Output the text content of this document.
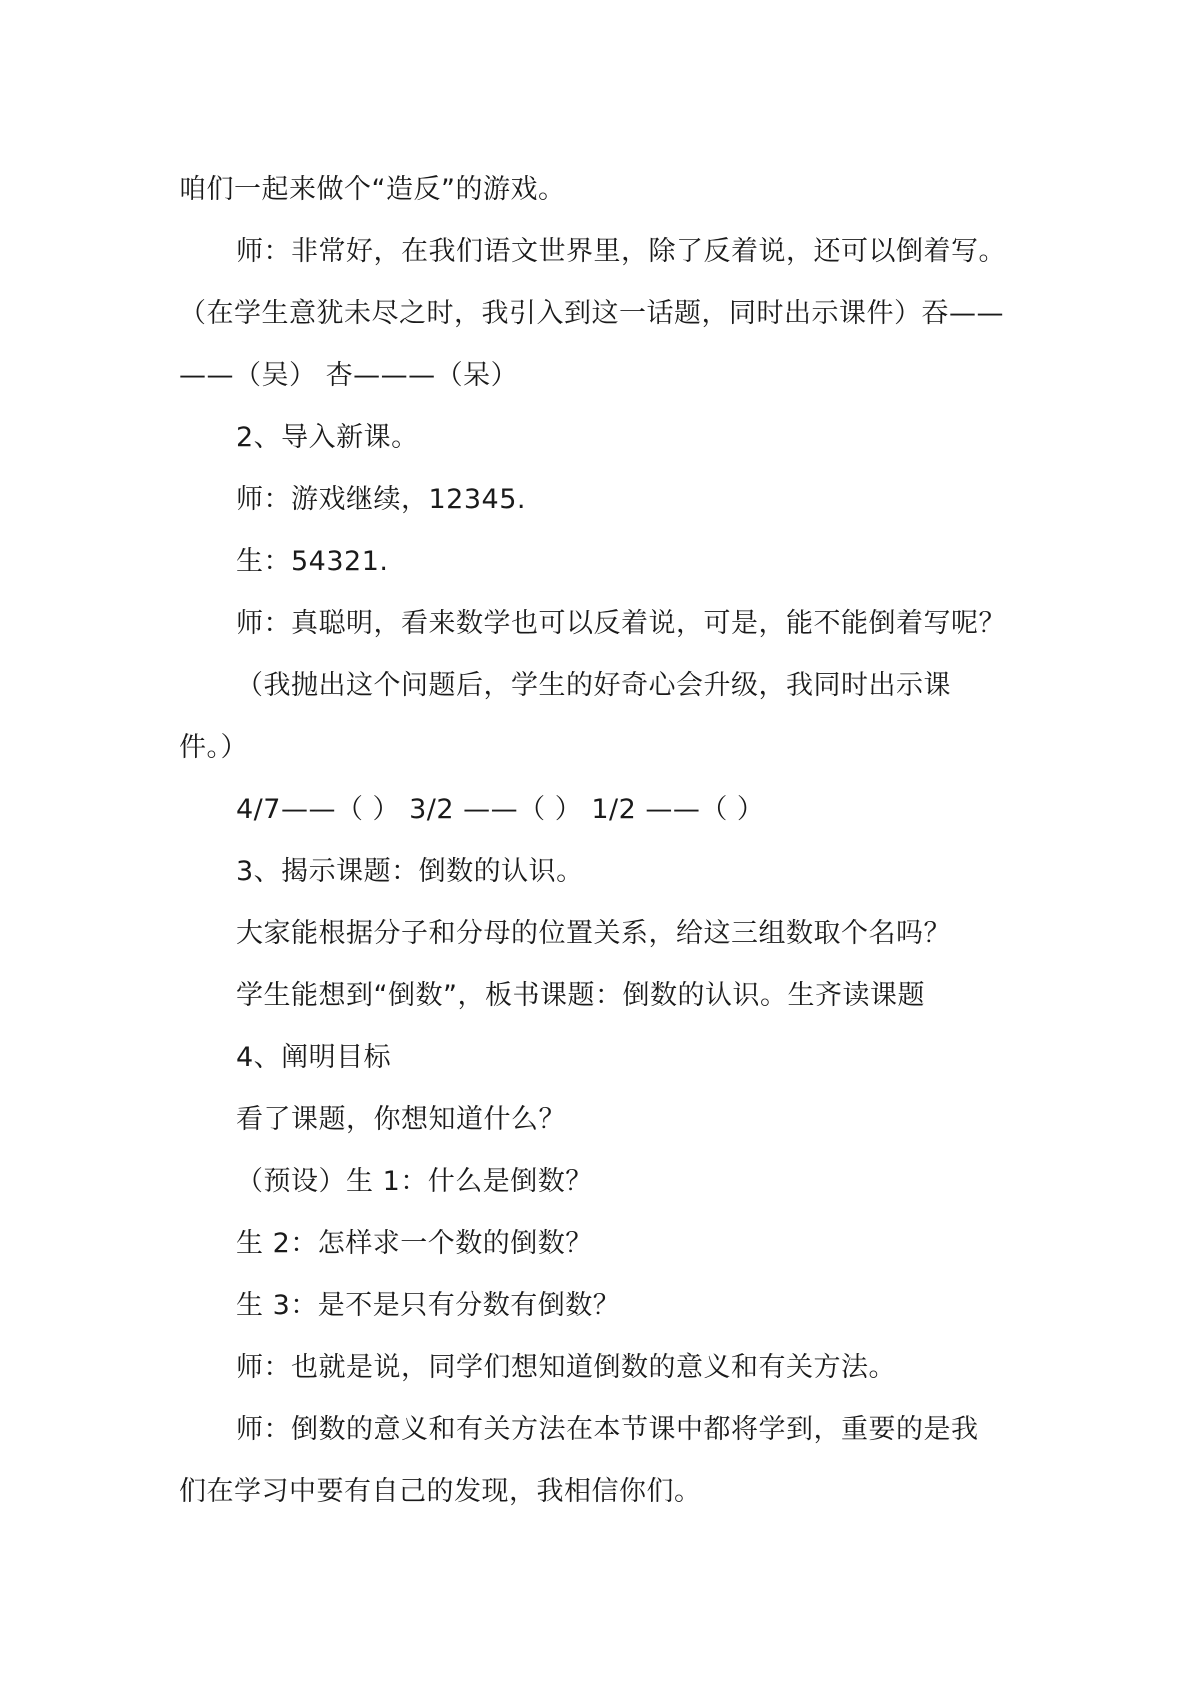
咱们一起来做个“造反”的游戏。
师：非常好，在我们语文世界里，除了反着说，还可以倒着写。
（在学生意犹未尽之时，我引入到这一话题，同时出示课件）吞——
——（吴） 杏———（呆）
2、导入新课。
师：游戏继续，12345.
生：54321.
师：真聪明，看来数学也可以反着说，可是，能不能倒着写呢？
（我抛出这个问题后，学生的好奇心会升级，我同时出示课
件。）
4/7——（ ） 3/2 ——（ ） 1/2 ——（ ）
3、揭示课题：倒数的认识。
大家能根据分子和分母的位置关系，给这三组数取个名吗？
学生能想到“倒数”，板书课题：倒数的认识。生齐读课题
4、阐明目标
看了课题，你想知道什么？
（预设）生 1：什么是倒数？
生 2：怎样求一个数的倒数？
生 3：是不是只有分数有倒数？
师：也就是说，同学们想知道倒数的意义和有关方法。
师：倒数的意义和有关方法在本节课中都将学到，重要的是我
们在学习中要有自己的发现，我相信你们。
